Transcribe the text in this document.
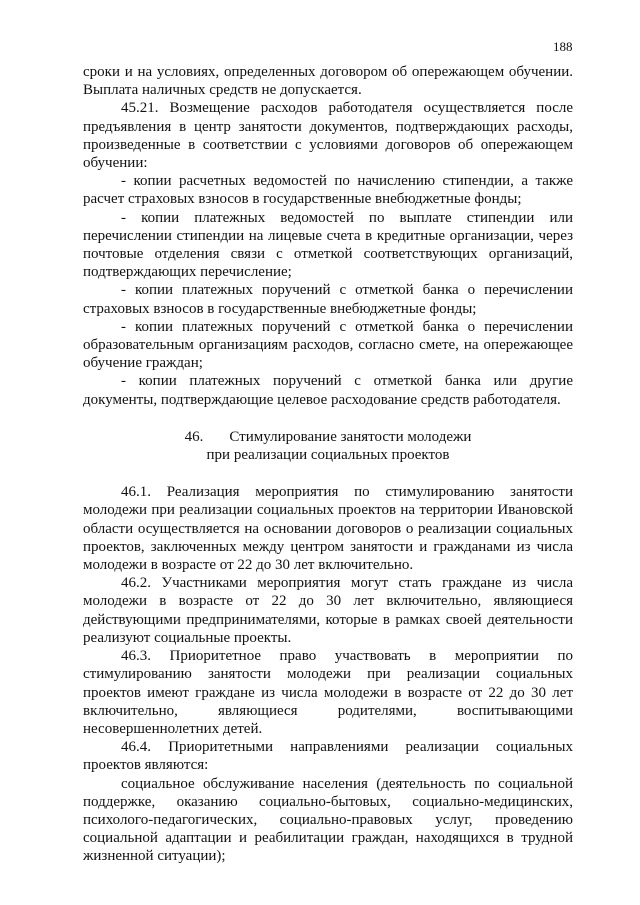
188

сроки и на условиях, определенных договором об опережающем обучении. Выплата наличных средств не допускается.

45.21. Возмещение расходов работодателя осуществляется после предъявления в центр занятости документов, подтверждающих расходы, произведенные в соответствии с условиями договоров об опережающем обучении:

- копии расчетных ведомостей по начислению стипендии, а также расчет страховых взносов в государственные внебюджетные фонды;

- копии платежных ведомостей по выплате стипендии или перечислении стипендии на лицевые счета в кредитные организации, через почтовые отделения связи с отметкой соответствующих организаций, подтверждающих перечисление;

- копии платежных поручений с отметкой банка о перечислении страховых взносов в государственные внебюджетные фонды;

- копии платежных поручений с отметкой банка о перечислении образовательным организациям расходов, согласно смете, на опережающее обучение граждан;

- копии платежных поручений с отметкой банка или другие документы, подтверждающие целевое расходование средств работодателя.

46. Стимулирование занятости молодежи
при реализации социальных проектов

46.1. Реализация мероприятия по стимулированию занятости молодежи при реализации социальных проектов на территории Ивановской области осуществляется на основании договоров о реализации социальных проектов, заключенных между центром занятости и гражданами из числа молодежи в возрасте от 22 до 30 лет включительно.

46.2. Участниками мероприятия могут стать граждане из числа молодежи в возрасте от 22 до 30 лет включительно, являющиеся действующими предпринимателями, которые в рамках своей деятельности реализуют социальные проекты.

46.3. Приоритетное право участвовать в мероприятии по стимулированию занятости молодежи при реализации социальных проектов имеют граждане из числа молодежи в возрасте от 22 до 30 лет включительно, являющиеся родителями, воспитывающими несовершеннолетних детей.

46.4. Приоритетными направлениями реализации социальных проектов являются:

социальное обслуживание населения (деятельность по социальной поддержке, оказанию социально-бытовых, социально-медицинских, психолого-педагогических, социально-правовых услуг, проведению социальной адаптации и реабилитации граждан, находящихся в трудной жизненной ситуации);
